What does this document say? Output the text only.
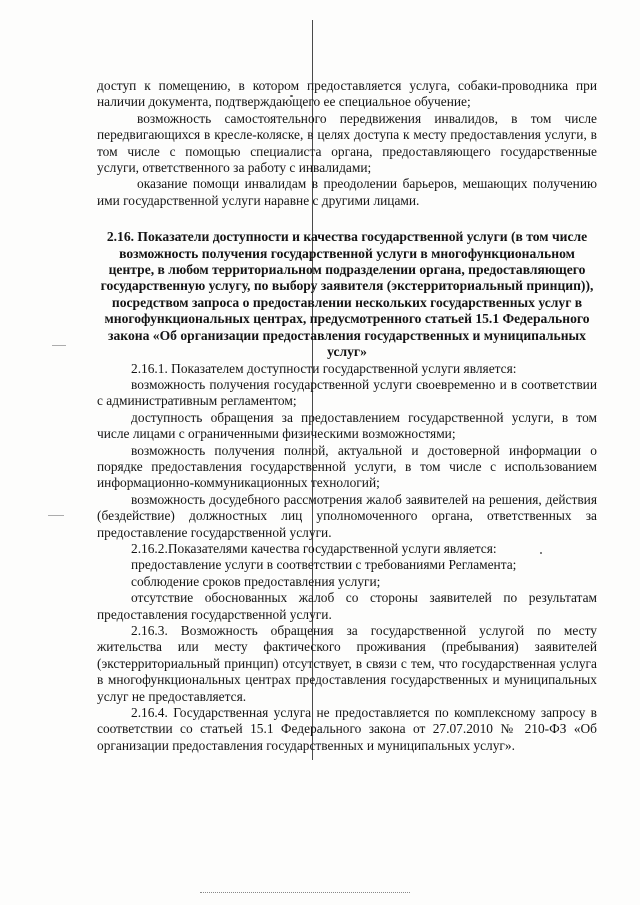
доступ к помещению, в котором предоставляется услуга, собаки-проводника при наличии документа, подтверждающего ее специальное обучение;

возможность самостоятельного передвижения инвалидов, в том числе передвигающихся в кресле-коляске, в целях доступа к месту предоставления услуги, в том числе с помощью специалиста органа, предоставляющего государственные услуги, ответственного за работу с инвалидами;

оказание помощи инвалидам в преодолении барьеров, мешающих получению ими государственной услуги наравне с другими лицами.

2.16. Показатели доступности и качества государственной услуги (в том числе возможность получения государственной услуги в многофункциональном центре, в любом территориальном подразделении органа, предоставляющего государственную услугу, по выбору заявителя (экстерриториальный принцип)), посредством запроса о предоставлении нескольких государственных услуг в многофункциональных центрах, предусмотренного статьей 15.1 Федерального закона «Об организации предоставления государственных и муниципальных услуг»

2.16.1. Показателем доступности государственной услуги является:

возможность получения государственной услуги своевременно и в соответствии с административным регламентом;

доступность обращения за предоставлением государственной услуги, в том числе лицами с ограниченными физическими возможностями;

возможность получения полной, актуальной и достоверной информации о порядке предоставления государственной услуги, в том числе с использованием информационно-коммуникационных технологий;

возможность досудебного рассмотрения жалоб заявителей на решения, действия (бездействие) должностных лиц уполномоченного органа, ответственных за предоставление государственной услуги.

2.16.2.Показателями качества государственной услуги является:

предоставление услуги в соответствии с требованиями Регламента;

соблюдение сроков предоставления услуги;

отсутствие обоснованных жалоб со стороны заявителей по результатам предоставления государственной услуги.

2.16.3. Возможность обращения за государственной услугой по месту жительства или месту фактического проживания (пребывания) заявителей (экстерриториальный принцип) отсутствует, в связи с тем, что государственная услуга в многофункциональных центрах предоставления государственных и муниципальных услуг не предоставляется.

2.16.4. Государственная услуга не предоставляется по комплексному запросу в соответствии со статьей 15.1 Федерального закона от 27.07.2010 № 210-ФЗ «Об организации предоставления государственных и муниципальных услуг».
